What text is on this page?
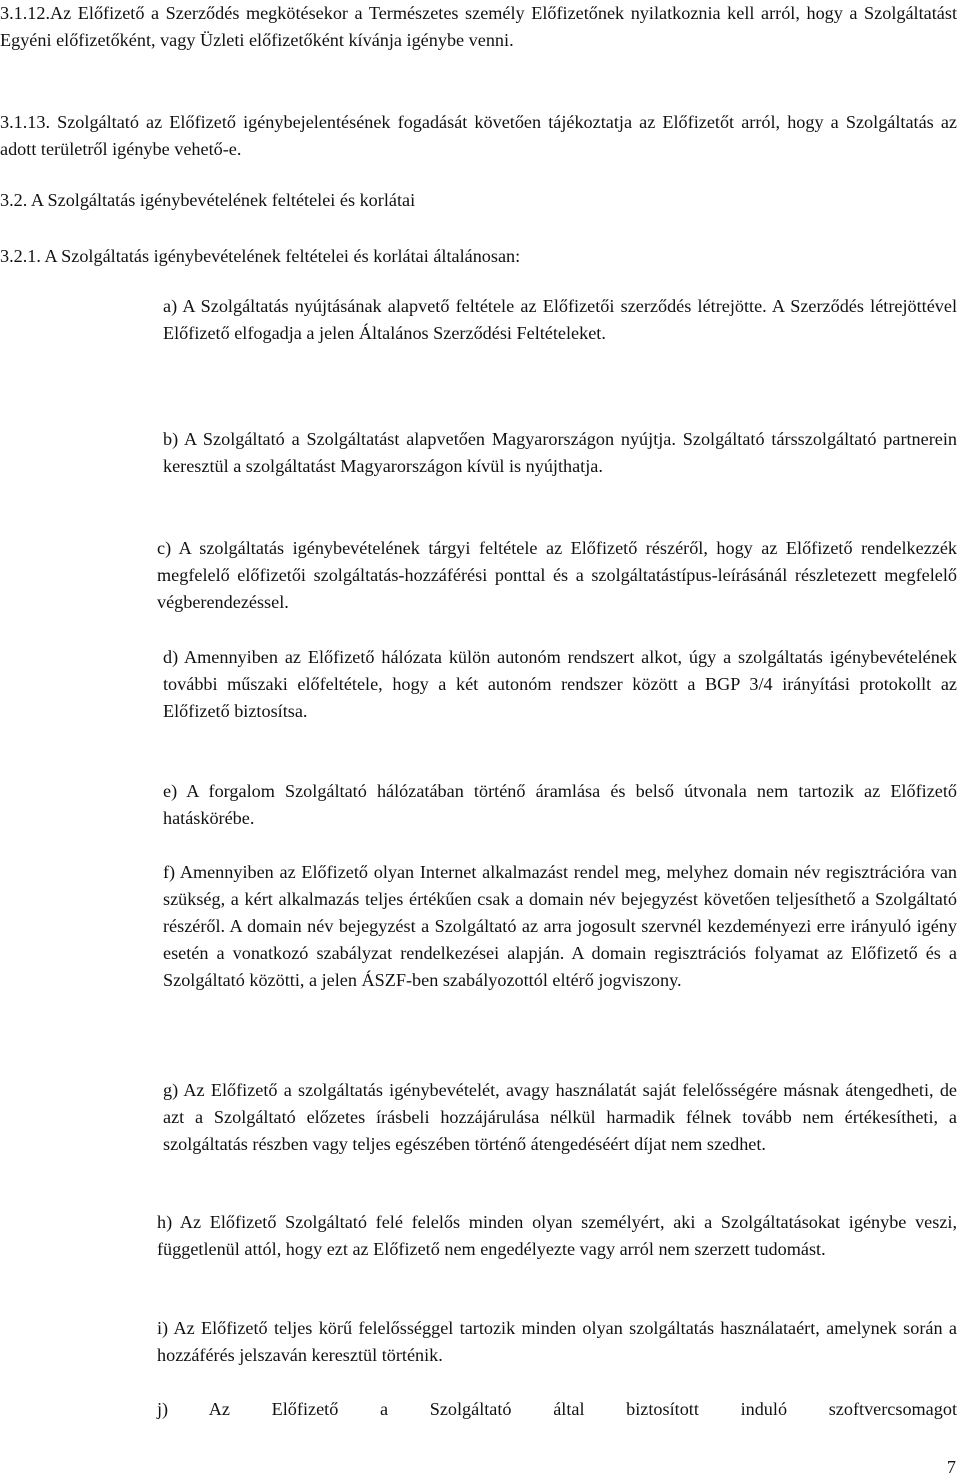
3.1.12.Az Előfizető a Szerződés megkötésekor a Természetes személy Előfizetőnek nyilatkoznia kell arról, hogy a Szolgáltatást Egyéni előfizetőként, vagy Üzleti előfizetőként kívánja igénybe venni.

3.1.13. Szolgáltató az Előfizető igénybejelentésének fogadását követően tájékoztatja az Előfizetőt arról, hogy a Szolgáltatás az adott területről igénybe vehető-e.

3.2. A Szolgáltatás igénybevételének feltételei és korlátai

3.2.1. A Szolgáltatás igénybevételének feltételei és korlátai általánosan:

a) A Szolgáltatás nyújtásának alapvető feltétele az Előfizetői szerződés létrejötte. A Szerződés létrejöttével Előfizető elfogadja a jelen Általános Szerződési Feltételeket.

b) A Szolgáltató a Szolgáltatást alapvetően Magyarországon nyújtja. Szolgáltató társszolgáltató partnerein keresztül a szolgáltatást Magyarországon kívül is nyújthatja.

c) A szolgáltatás igénybevételének tárgyi feltétele az Előfizető részéről, hogy az Előfizető rendelkezzék megfelelő előfizetői szolgáltatás-hozzáférési ponttal és a szolgáltatástípus-leírásánál részletezett megfelelő végberendezéssel.

d) Amennyiben az Előfizető hálózata külön autonóm rendszert alkot, úgy a szolgáltatás igénybevételének további műszaki előfeltétele, hogy a két autonóm rendszer között a BGP 3/4 irányítási protokollt az Előfizető biztosítsa.

e) A forgalom Szolgáltató hálózatában történő áramlása és belső útvonala nem tartozik az Előfizető hatáskörébe.

f) Amennyiben az Előfizető olyan Internet alkalmazást rendel meg, melyhez domain név regisztrációra van szükség, a kért alkalmazás teljes értékűen csak a domain név bejegyzést követően teljesíthető a Szolgáltató részéről. A domain név bejegyzést a Szolgáltató az arra jogosult szervnél kezdeményezi erre irányuló igény esetén a vonatkozó szabályzat rendelkezései alapján. A domain regisztrációs folyamat az Előfizető és a Szolgáltató közötti, a jelen ÁSZF-ben szabályozottól eltérő jogviszony.

g) Az Előfizető a szolgáltatás igénybevételét, avagy használatát saját felelősségére másnak átengedheti, de azt a Szolgáltató előzetes írásbeli hozzájárulása nélkül harmadik félnek tovább nem értékesítheti, a szolgáltatás részben vagy teljes egészében történő átengedéséért díjat nem szedhet.

h) Az Előfizető Szolgáltató felé felelős minden olyan személyért, aki a Szolgáltatásokat igénybe veszi, függetlenül attól, hogy ezt az Előfizető nem engedélyezte vagy arról nem szerzett tudomást.

i) Az Előfizető teljes körű felelősséggel tartozik minden olyan szolgáltatás használataért, amelynek során a hozzáférés jelszaván keresztül történik.

j) Az Előfizető a Szolgáltató által biztosított induló szoftvercsomagot

7
